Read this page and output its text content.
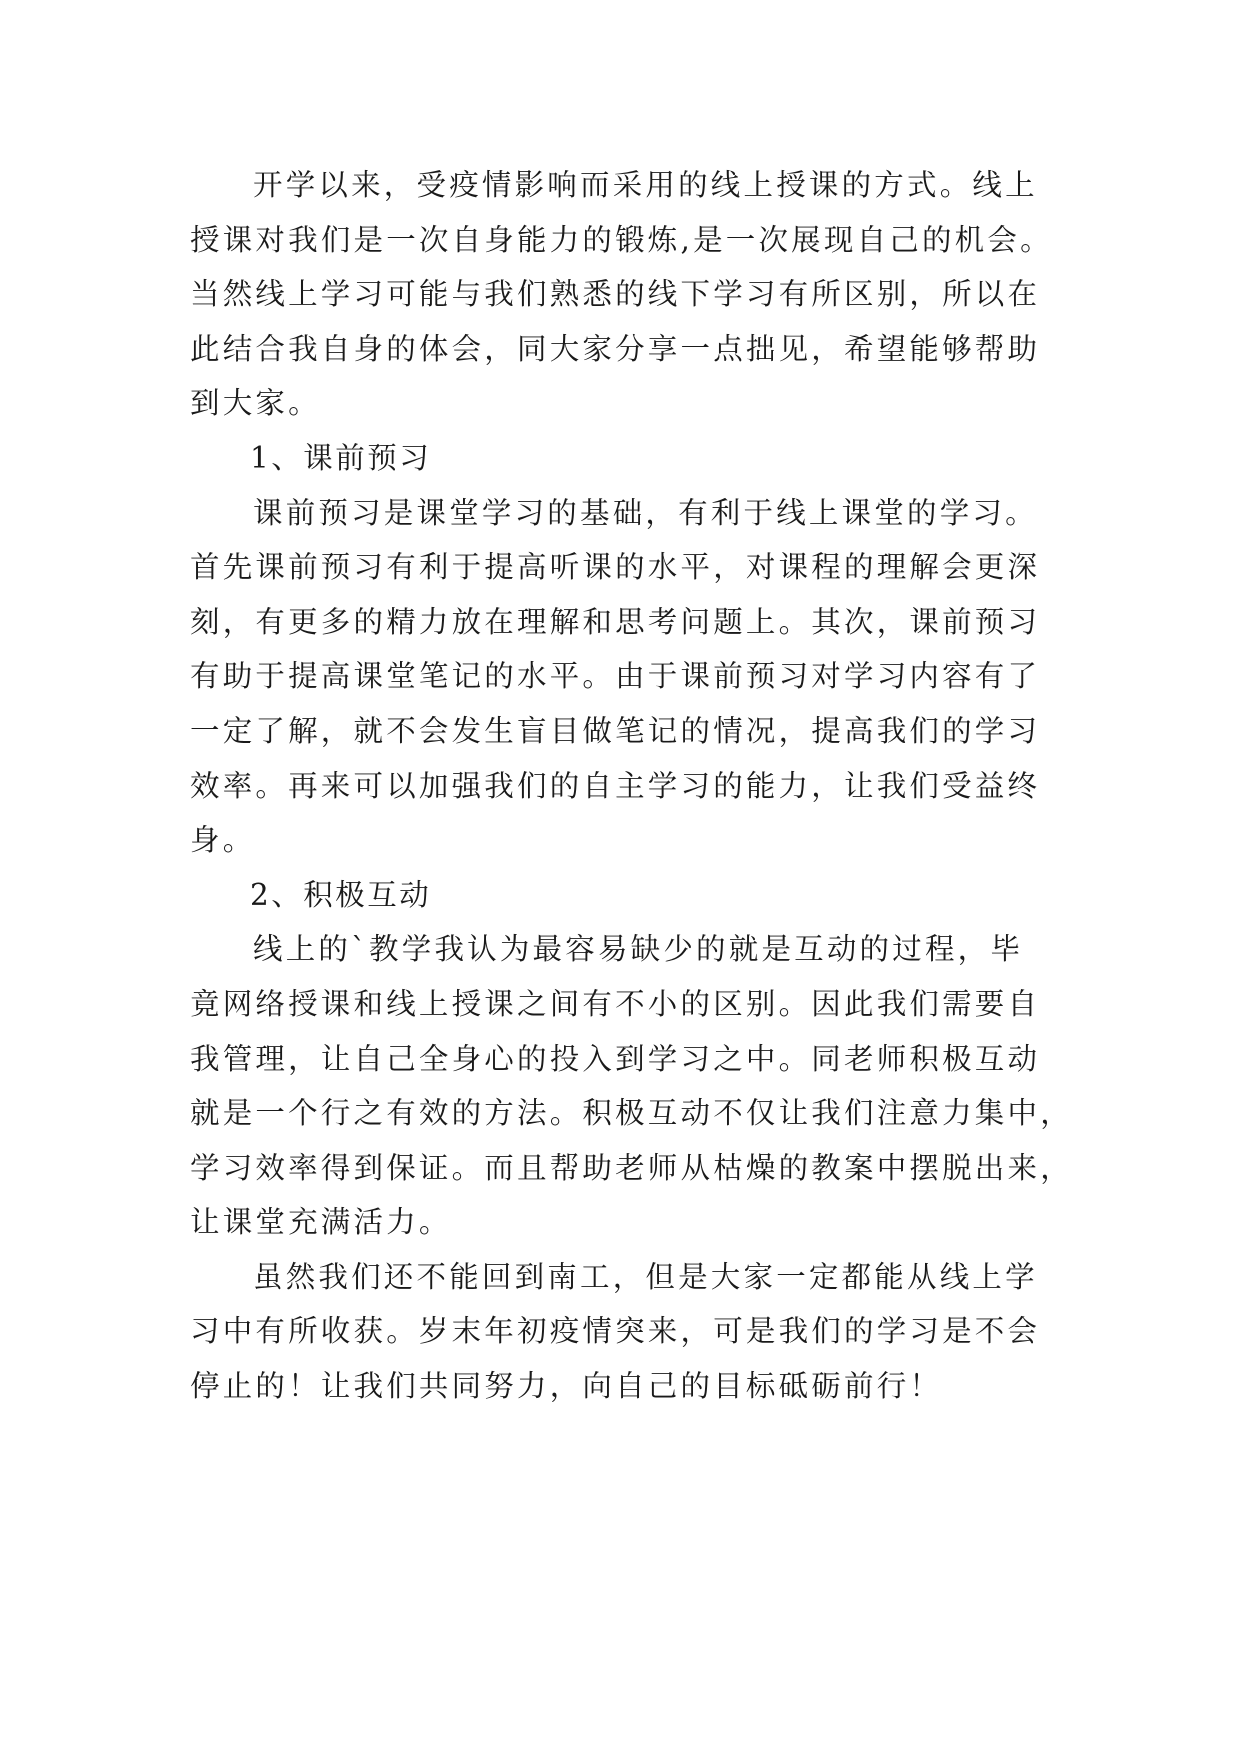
开学以来，受疫情影响而采用的线上授课的方式。线上
授课对我们是一次自身能力的锻炼,是一次展现自己的机会。
当然线上学习可能与我们熟悉的线下学习有所区别，所以在
此结合我自身的体会，同大家分享一点拙见，希望能够帮助
到大家。
1、课前预习
课前预习是课堂学习的基础，有利于线上课堂的学习。
首先课前预习有利于提高听课的水平，对课程的理解会更深
刻，有更多的精力放在理解和思考问题上。其次，课前预习
有助于提高课堂笔记的水平。由于课前预习对学习内容有了
一定了解，就不会发生盲目做笔记的情况，提高我们的学习
效率。再来可以加强我们的自主学习的能力，让我们受益终
身。
2、积极互动
线上的`教学我认为最容易缺少的就是互动的过程，毕
竟网络授课和线上授课之间有不小的区别。因此我们需要自
我管理，让自己全身心的投入到学习之中。同老师积极互动
就是一个行之有效的方法。积极互动不仅让我们注意力集中，
学习效率得到保证。而且帮助老师从枯燥的教案中摆脱出来，
让课堂充满活力。
虽然我们还不能回到南工，但是大家一定都能从线上学
习中有所收获。岁末年初疫情突来，可是我们的学习是不会
停止的！让我们共同努力，向自己的目标砥砺前行！
